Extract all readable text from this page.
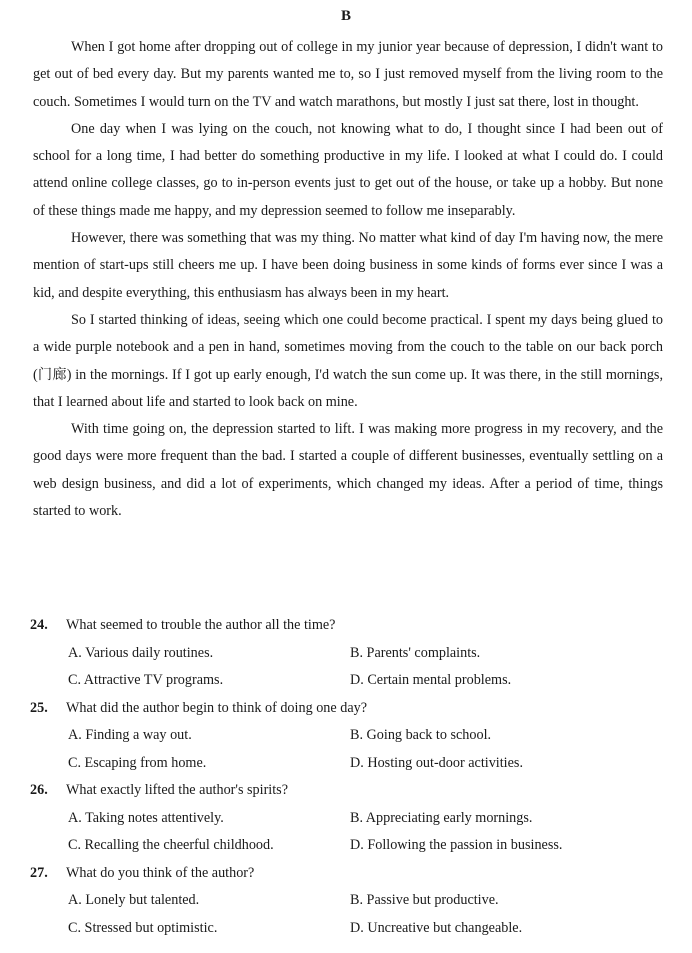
B

When I got home after dropping out of college in my junior year because of depression, I didn't want to get out of bed every day. But my parents wanted me to, so I just removed myself from the living room to the couch. Sometimes I would turn on the TV and watch marathons, but mostly I just sat there, lost in thought.

One day when I was lying on the couch, not knowing what to do, I thought since I had been out of school for a long time, I had better do something productive in my life. I looked at what I could do. I could attend online college classes, go to in-person events just to get out of the house, or take up a hobby. But none of these things made me happy, and my depression seemed to follow me inseparably.

However, there was something that was my thing. No matter what kind of day I'm having now, the mere mention of start-ups still cheers me up. I have been doing business in some kinds of forms ever since I was a kid, and despite everything, this enthusiasm has always been in my heart.

So I started thinking of ideas, seeing which one could become practical. I spent my days being glued to a wide purple notebook and a pen in hand, sometimes moving from the couch to the table on our back porch (门廊) in the mornings. If I got up early enough, I'd watch the sun come up. It was there, in the still mornings, that I learned about life and started to look back on mine.

With time going on, the depression started to lift. I was making more progress in my recovery, and the good days were more frequent than the bad. I started a couple of different businesses, eventually settling on a web design business, and did a lot of experiments, which changed my ideas. After a period of time, things started to work.

24. What seemed to trouble the author all the time?
A. Various daily routines.	B. Parents' complaints.
C. Attractive TV programs.	D. Certain mental problems.
25. What did the author begin to think of doing one day?
A. Finding a way out.	B. Going back to school.
C. Escaping from home.	D. Hosting out-door activities.
26. What exactly lifted the author's spirits?
A. Taking notes attentively.	B. Appreciating early mornings.
C. Recalling the cheerful childhood.	D. Following the passion in business.
27. What do you think of the author?
A. Lonely but talented.	B. Passive but productive.
C. Stressed but optimistic.	D. Uncreative but changeable.
